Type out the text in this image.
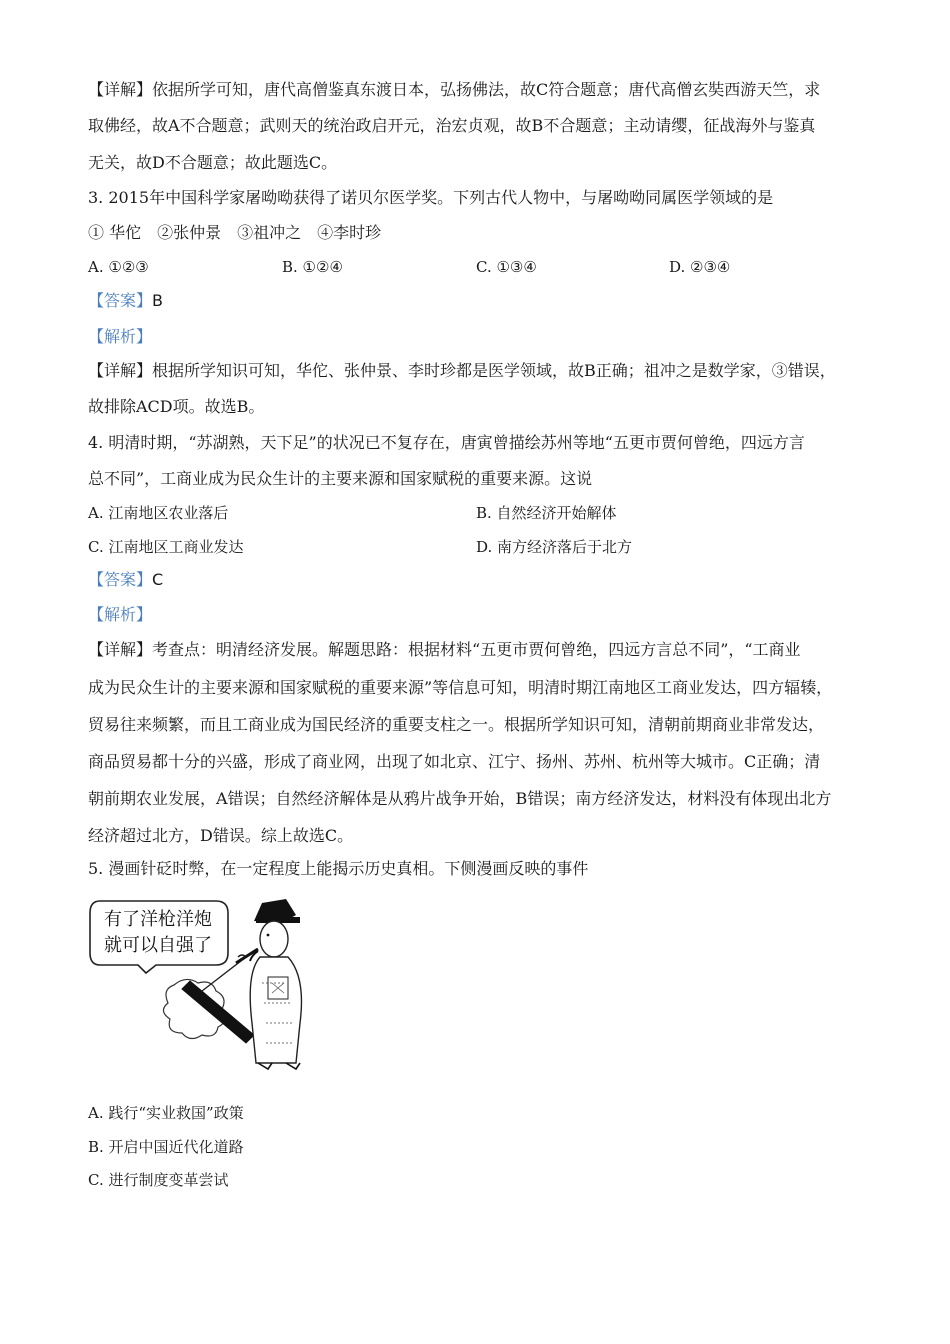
【详解】依据所学可知，唐代高僧鉴真东渡日本，弘扬佛法，故C符合题意；唐代高僧玄奘西游天竺，求
取佛经，故A不合题意；武则天的统治政启开元，治宏贞观，故B不合题意；主动请缨，征战海外与鉴真
无关，故D不合题意；故此题选C。
3. 2015年中国科学家屠呦呦获得了诺贝尔医学奖。下列古代人物中，与屠呦呦同属医学领域的是
① 华佗　②张仲景　③祖冲之　④李时珍
A. ①②③	B. ①②④	C. ①③④	D. ②③④
【答案】B
【解析】
【详解】根据所学知识可知，华佗、张仲景、李时珍都是医学领域，故B正确；祖冲之是数学家，③错误，
故排除ACD项。故选B。
4. 明清时期，“苏湖熟，天下足”的状况已不复存在，唐寅曾描绘苏州等地“五更市贾何曾绝，四远方言
总不同”，工商业成为民众生计的主要来源和国家赋税的重要来源。这说
A. 江南地区农业落后	B. 自然经济开始解体
C. 江南地区工商业发达	D. 南方经济落后于北方
【答案】C
【解析】
【详解】考查点：明清经济发展。解题思路：根据材料“五更市贾何曾绝，四远方言总不同”，“工商业
成为民众生计的主要来源和国家赋税的重要来源”等信息可知，明清时期江南地区工商业发达，四方辐辏，
贸易往来频繁，而且工商业成为国民经济的重要支柱之一。根据所学知识可知，清朝前期商业非常发达，
商品贸易都十分的兴盛，形成了商业网，出现了如北京、江宁、扬州、苏州、杭州等大城市。C正确；清
朝前期农业发展，A错误；自然经济解体是从鸦片战争开始，B错误；南方经济发达，材料没有体现出北方
经济超过北方，D错误。综上故选C。
5. 漫画针砭时弊，在一定程度上能揭示历史真相。下侧漫画反映的事件
有了洋枪洋炮
就可以自强了
A. 践行“实业救国”政策
B. 开启中国近代化道路
C. 进行制度变革尝试
